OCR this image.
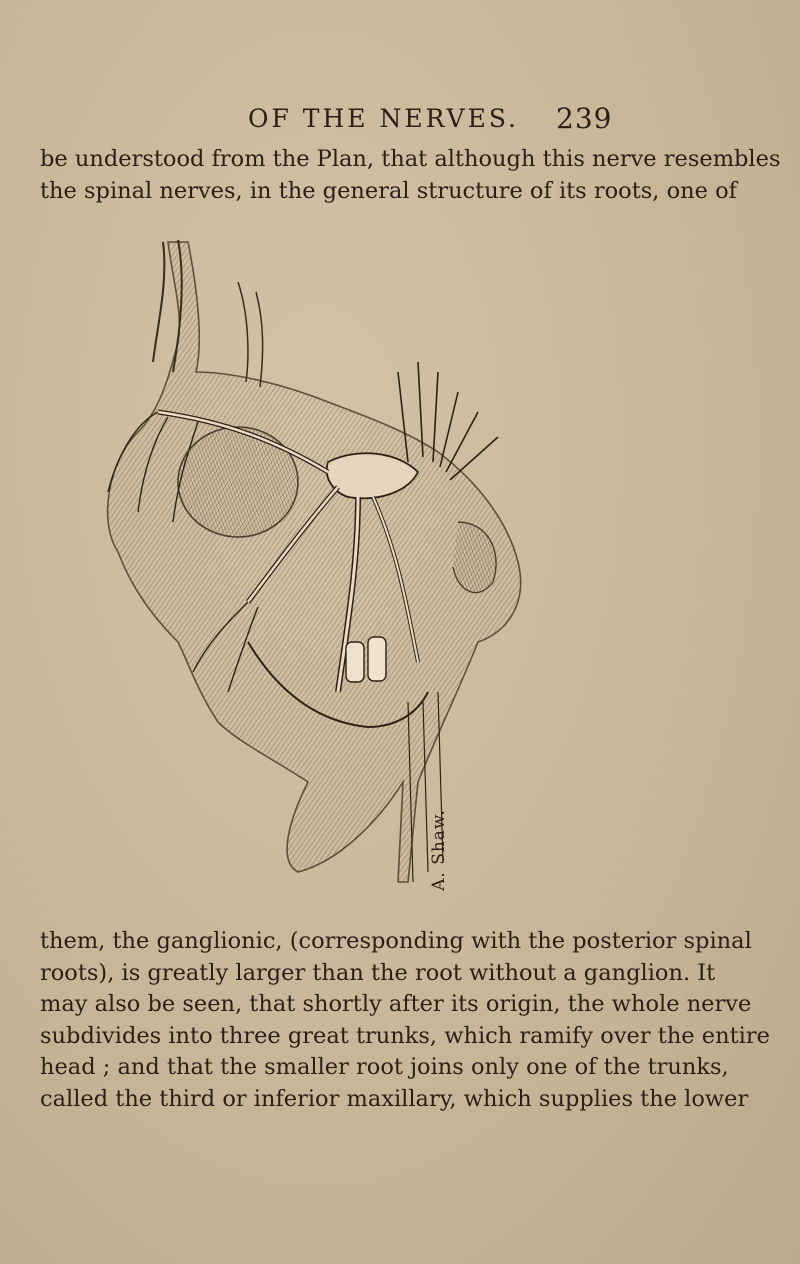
OF THE NERVES. 239
be understood from the Plan, that although this nerve resembles
the spinal nerves, in the general structure of its roots, one of
A. Shaw.
them, the ganglionic, (corresponding with the posterior spinal
roots), is greatly larger than the root without a ganglion. It
may also be seen, that shortly after its origin, the whole nerve
subdivides into three great trunks, which ramify over the entire
head ; and that the smaller root joins only one of the trunks,
called the third or inferior maxillary, which supplies the lower
